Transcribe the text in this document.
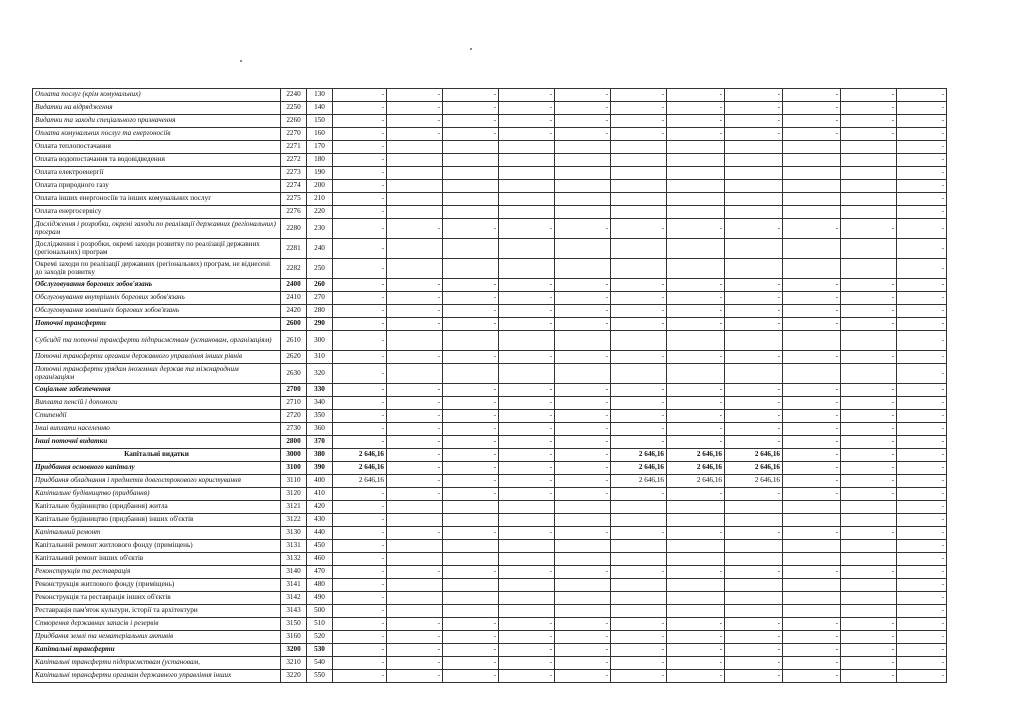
Оплата послуг (крім комунальних)	2240	130	-	-	-	-	-	-	-	-	-	-	-
Видатки на відрядження	2250	140	-	-	-	-	-	-	-	-	-	-	-
Видатки та заходи спеціального призначення	2260	150	-	-	-	-	-	-	-	-	-	-	-
Оплата комунальних послуг та енергоносіїв	2270	160	-	-	-	-	-	-	-	-	-	-	-
Оплата теплопостачання	2271	170	-										-
Оплата водопостачання та водовідведення	2272	180	-										-
Оплата електроенергії	2273	190	-										-
Оплата природного газу	2274	200	-										-
Оплата інших енергоносіїв та інших комунальних послуг	2275	210	-										-
Оплата енергосервісу	2276	220	-										-
Дослідження і розробки, окремі заходи по реалізації державних (регіональних) програм	2280	230	-	-	-	-	-	-	-	-	-	-	-
Дослідження і розробки, окремі заходи розвитку по реалізації державних (регіональних) програм	2281	240	-										-
Окремі заходи по реалізації державних (регіональних) програм, не віднесені до заходів розвитку	2282	250	-										-
Обслуговування боргових зобов'язань	2400	260	-	-	-	-	-	-	-	-	-	-	-
Обслуговування внутрішніх боргових зобов'язань	2410	270	-	-	-	-	-	-	-	-	-	-	-
Обслуговування зовнішніх боргових зобов'язань	2420	280	-	-	-	-	-	-	-	-	-	-	-
Поточні трансферти	2600	290	-	-	-	-	-	-	-	-	-	-	-
Субсидії та поточні трансферти підприємствам (установам, організаціям)	2610	300	-										-
Поточні трансферти органам державного управління інших рівнів	2620	310	-	-	-	-	-	-	-	-	-	-	-
Поточні трансферти урядам іноземних держав та міжнародним організаціям	2630	320	-										-
Соціальне забезпечення	2700	330	-	-	-	-	-	-	-	-	-	-	-
Виплата пенсій і допомоги	2710	340	-	-	-	-	-	-	-	-	-	-	-
Стипендії	2720	350	-	-	-	-	-	-	-	-	-	-	-
Інші виплати населенню	2730	360	-	-	-	-	-	-	-	-	-	-	-
Інші поточні видатки	2800	370	-	-	-	-	-	-	-	-	-	-	-
Капітальні видатки	3000	380	2 646,16	-	-	-	-	2 646,16	2 646,16	2 646,16	-	-	-
Придбання основного капіталу	3100	390	2 646,16	-	-	-	-	2 646,16	2 646,16	2 646,16	-	-	-
Придбання обладнання і предметів довгострокового користування	3110	400	2 646,16	-	-	-	-	2 646,16	2 646,16	2 646,16	-	-	-
Капітальне будівництво (придбання)	3120	410	-	-	-	-	-	-	-	-	-	-	-
Капітальне будівництво (придбання) житла	3121	420	-										-
Капітальне будівництво (придбання) інших об'єктів	3122	430	-										-
Капітальний ремонт	3130	440	-	-	-	-	-	-	-	-	-	-	-
Капітальний ремонт житлового фонду (приміщень)	3131	450	-										-
Капітальний ремонт інших об'єктів	3132	460	-										-
Реконструкція та реставрація	3140	470	-	-	-	-	-	-	-	-	-	-	-
Реконструкція житлового фонду (приміщень)	3141	480	-										-
Реконструкція та реставрація інших об'єктів	3142	490	-										-
Реставрація пам'яток культури, історії та архітектури	3143	500	-										-
Створення державних запасів і резервів	3150	510	-	-	-	-	-	-	-	-	-	-	-
Придбання землі та нематеріальних активів	3160	520	-	-	-	-	-	-	-	-	-	-	-
Капітальні трансферти	3200	530	-	-	-	-	-	-	-	-	-	-	-
Капітальні трансферти підприємствам (установам,	3210	540	-	-	-	-	-	-	-	-	-	-	-
Капітальні трансферти органам державного управління інших	3220	550	-	-	-	-	-	-	-	-	-	-	-
